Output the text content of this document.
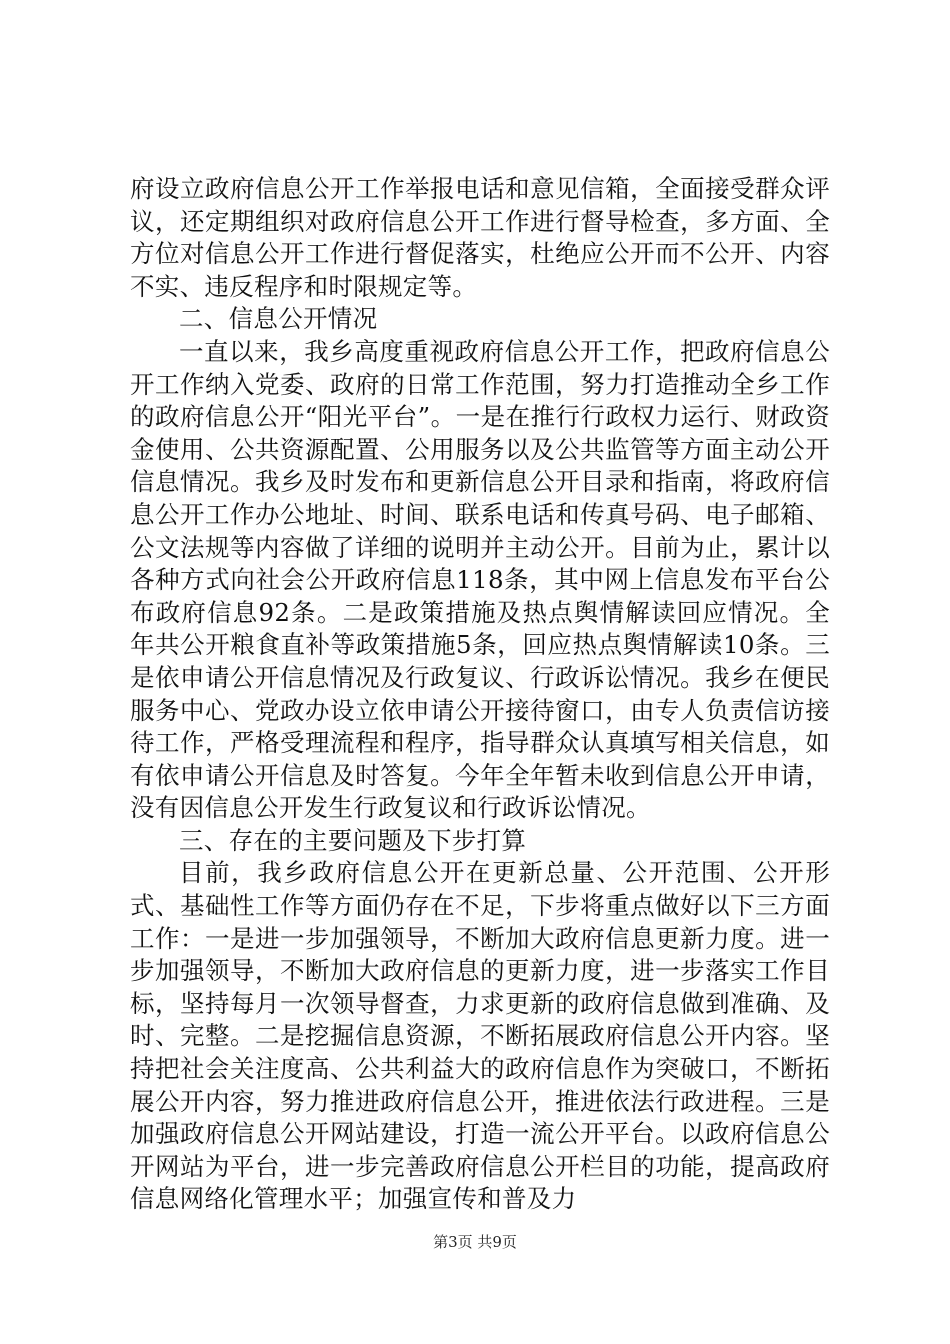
府设立政府信息公开工作举报电话和意见信箱，全面接受群众评议，还定期组织对政府信息公开工作进行督导检查，多方面、全方位对信息公开工作进行督促落实，杜绝应公开而不公开、内容不实、违反程序和时限规定等。

二、信息公开情况

一直以来，我乡高度重视政府信息公开工作，把政府信息公开工作纳入党委、政府的日常工作范围，努力打造推动全乡工作的政府信息公开“阳光平台”。一是在推行行政权力运行、财政资金使用、公共资源配置、公用服务以及公共监管等方面主动公开信息情况。我乡及时发布和更新信息公开目录和指南，将政府信息公开工作办公地址、时间、联系电话和传真号码、电子邮箱、公文法规等内容做了详细的说明并主动公开。目前为止，累计以各种方式向社会公开政府信息118条，其中网上信息发布平台公布政府信息92条。二是政策措施及热点舆情解读回应情况。全年共公开粮食直补等政策措施5条，回应热点舆情解读10条。三是依申请公开信息情况及行政复议、行政诉讼情况。我乡在便民服务中心、党政办设立依申请公开接待窗口，由专人负责信访接待工作，严格受理流程和程序，指导群众认真填写相关信息，如有依申请公开信息及时答复。今年全年暂未收到信息公开申请，没有因信息公开发生行政复议和行政诉讼情况。

三、存在的主要问题及下步打算

目前，我乡政府信息公开在更新总量、公开范围、公开形式、基础性工作等方面仍存在不足，下步将重点做好以下三方面工作：一是进一步加强领导，不断加大政府信息更新力度。进一步加强领导，不断加大政府信息的更新力度，进一步落实工作目标，坚持每月一次领导督查，力求更新的政府信息做到准确、及时、完整。二是挖掘信息资源，不断拓展政府信息公开内容。坚持把社会关注度高、公共利益大的政府信息作为突破口，不断拓展公开内容，努力推进政府信息公开，推进依法行政进程。三是加强政府信息公开网站建设，打造一流公开平台。以政府信息公开网站为平台，进一步完善政府信息公开栏目的功能，提高政府信息网络化管理水平；加强宣传和普及力

第3页 共9页
